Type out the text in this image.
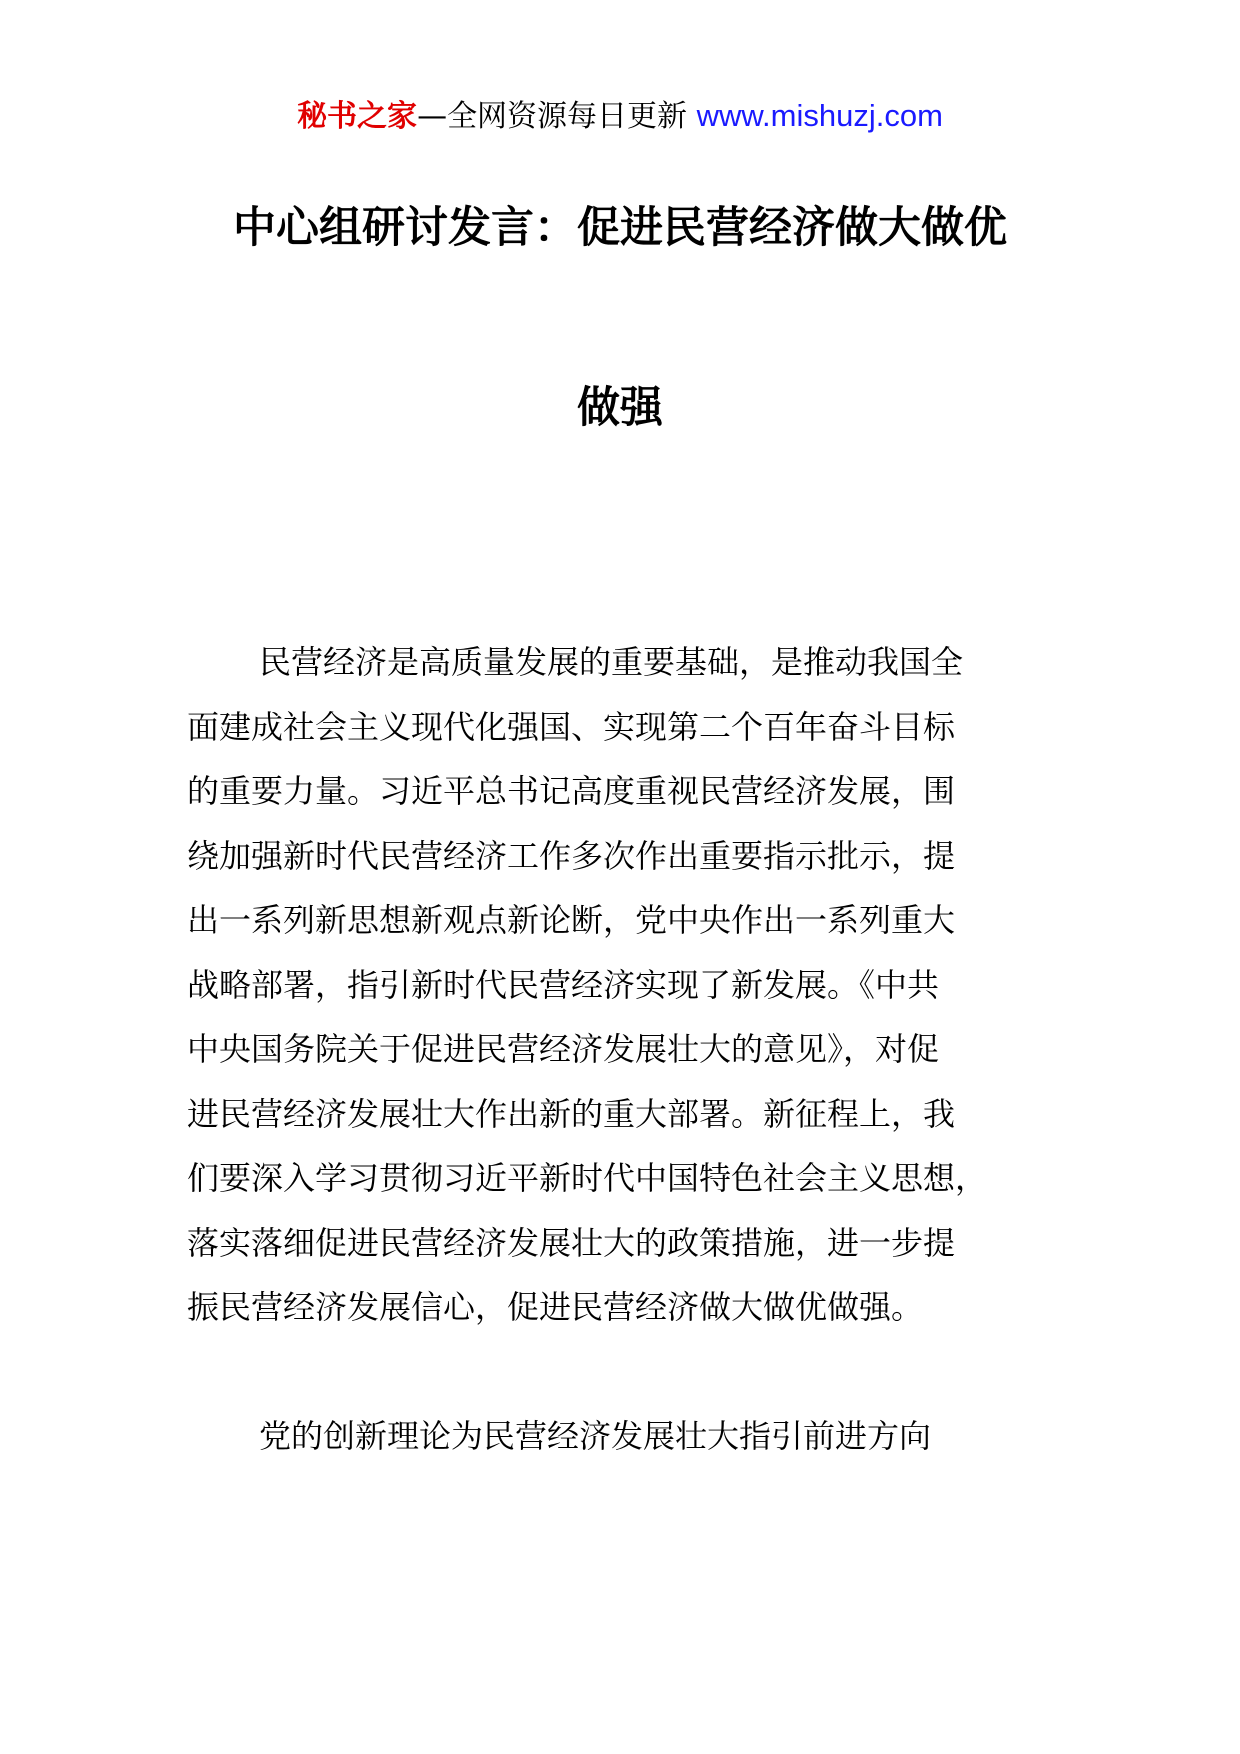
秘书之家—全网资源每日更新 www.mishuzj.com
中心组研讨发言：促进民营经济做大做优
做强
民营经济是高质量发展的重要基础，是推动我国全
面建成社会主义现代化强国、实现第二个百年奋斗目标
的重要力量。习近平总书记高度重视民营经济发展，围
绕加强新时代民营经济工作多次作出重要指示批示，提
出一系列新思想新观点新论断，党中央作出一系列重大
战略部署，指引新时代民营经济实现了新发展。《中共
中央国务院关于促进民营经济发展壮大的意见》，对促
进民营经济发展壮大作出新的重大部署。新征程上，我
们要深入学习贯彻习近平新时代中国特色社会主义思想，
落实落细促进民营经济发展壮大的政策措施，进一步提
振民营经济发展信心，促进民营经济做大做优做强。
党的创新理论为民营经济发展壮大指引前进方向
